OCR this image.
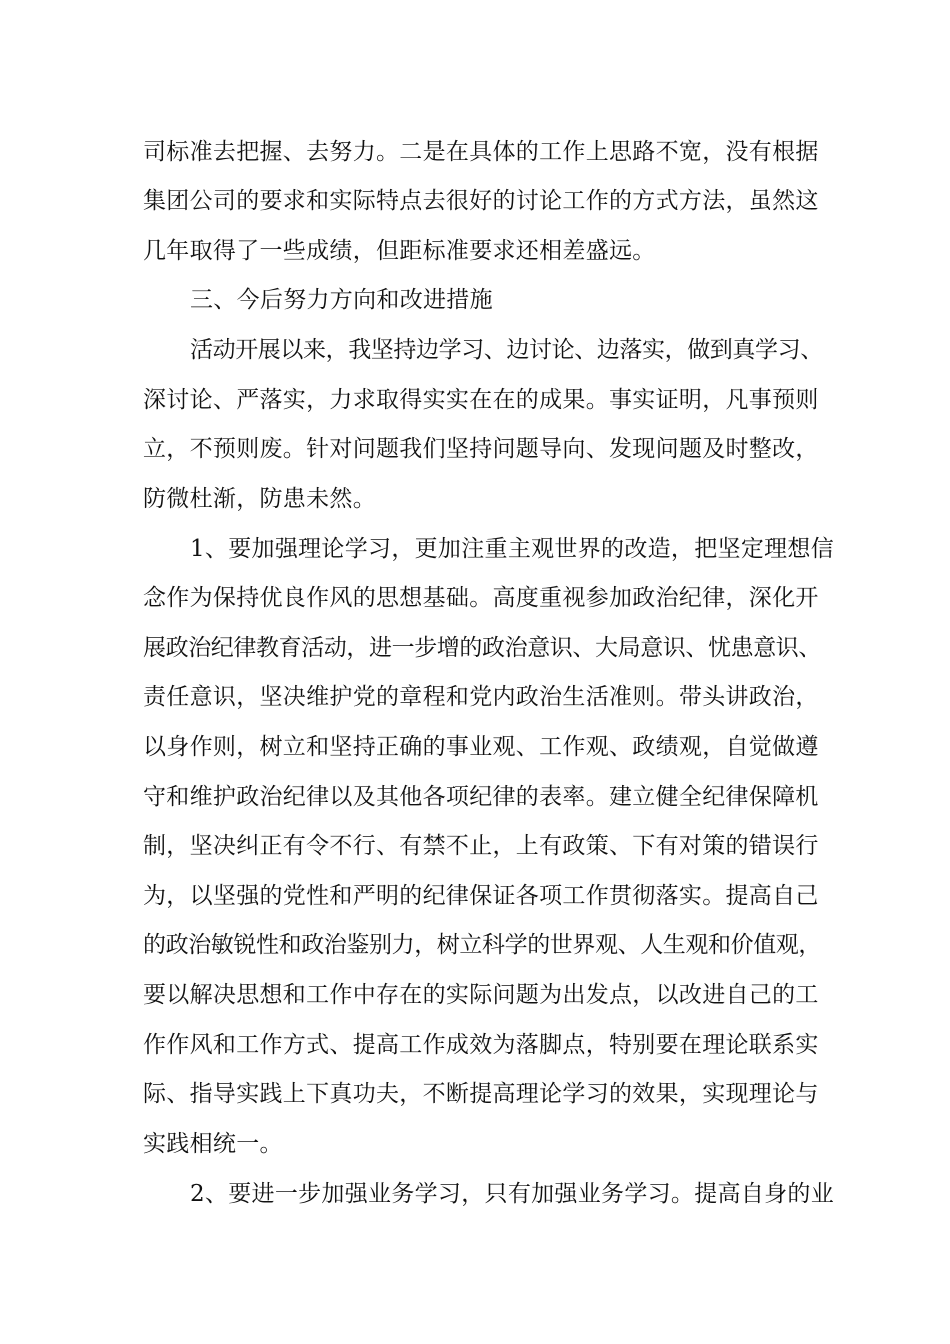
司标准去把握、去努力。二是在具体的工作上思路不宽，没有根据
集团公司的要求和实际特点去很好的讨论工作的方式方法，虽然这
几年取得了一些成绩，但距标准要求还相差盛远。
三、今后努力方向和改进措施
活动开展以来，我坚持边学习、边讨论、边落实，做到真学习、
深讨论、严落实，力求取得实实在在的成果。事实证明，凡事预则
立，不预则废。针对问题我们坚持问题导向、发现问题及时整改，
防微杜渐，防患未然。
1、要加强理论学习，更加注重主观世界的改造，把坚定理想信
念作为保持优良作风的思想基础。高度重视参加政治纪律，深化开
展政治纪律教育活动，进一步增的政治意识、大局意识、忧患意识、
责任意识，坚决维护党的章程和党内政治生活准则。带头讲政治，
以身作则，树立和坚持正确的事业观、工作观、政绩观，自觉做遵
守和维护政治纪律以及其他各项纪律的表率。建立健全纪律保障机
制，坚决纠正有令不行、有禁不止，上有政策、下有对策的错误行
为，以坚强的党性和严明的纪律保证各项工作贯彻落实。提高自己
的政治敏锐性和政治鉴别力，树立科学的世界观、人生观和价值观，
要以解决思想和工作中存在的实际问题为出发点，以改进自己的工
作作风和工作方式、提高工作成效为落脚点，特别要在理论联系实
际、指导实践上下真功夫，不断提高理论学习的效果，实现理论与
实践相统一。
2、要进一步加强业务学习，只有加强业务学习。提高自身的业
